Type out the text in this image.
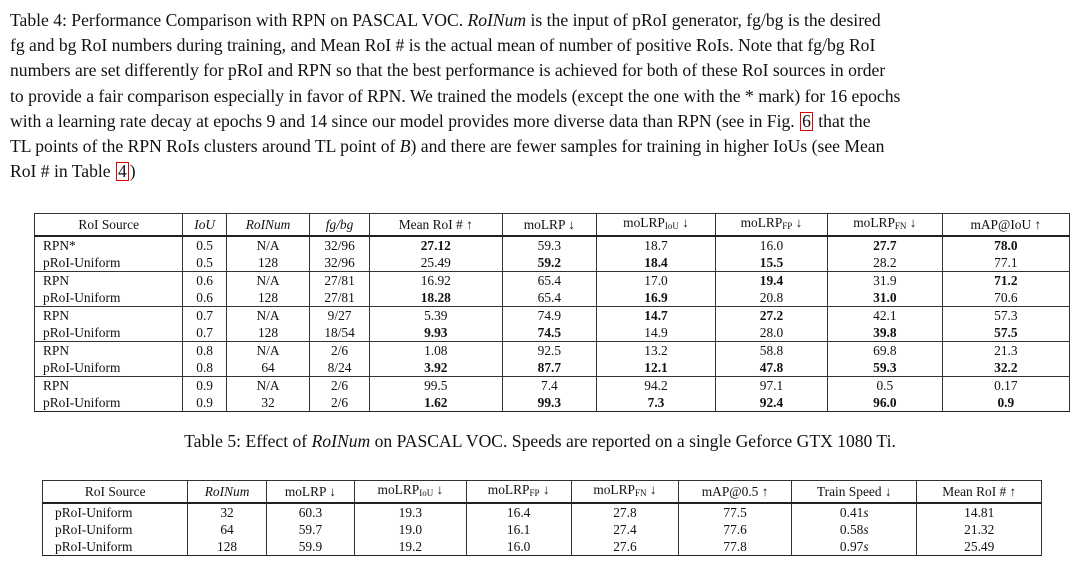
Table 4: Performance Comparison with RPN on PASCAL VOC. RoINum is the input of pRoI generator, fg/bg is the desired
fg and bg RoI numbers during training, and Mean RoI # is the actual mean of number of positive RoIs. Note that fg/bg RoI
numbers are set differently for pRoI and RPN so that the best performance is achieved for both of these RoI sources in order
to provide a fair comparison especially in favor of RPN. We trained the models (except the one with the * mark) for 16 epochs
with a learning rate decay at epochs 9 and 14 since our model provides more diverse data than RPN (see in Fig. 6 that the
TL points of the RPN RoIs clusters around TL point of B) and there are fewer samples for training in higher IoUs (see Mean
RoI # in Table 4 )
RoI Source	IoU	RoINum	fg/bg	Mean RoI # ↑	moLRP ↓	moLRP$_{IoU}$ ↓	moLRP$_{FP}$ ↓	moLRP$_{FN}$ ↓	mAP@IoU ↑
RPN*	0.5	N/A	32/96	27.12	59.3	18.7	16.0	27.7	78.0
pRoI-Uniform	0.5	128	32/96	25.49	59.2	18.4	15.5	28.2	77.1
RPN	0.6	N/A	27/81	16.92	65.4	17.0	19.4	31.9	71.2
pRoI-Uniform	0.6	128	27/81	18.28	65.4	16.9	20.8	31.0	70.6
RPN	0.7	N/A	9/27	5.39	74.9	14.7	27.2	42.1	57.3
pRoI-Uniform	0.7	128	18/54	9.93	74.5	14.9	28.0	39.8	57.5
RPN	0.8	N/A	2/6	1.08	92.5	13.2	58.8	69.8	21.3
pRoI-Uniform	0.8	64	8/24	3.92	87.7	12.1	47.8	59.3	32.2
RPN	0.9	N/A	2/6	99.5	7.4	94.2	97.1	0.5	0.17
pRoI-Uniform	0.9	32	2/6	1.62	99.3	7.3	92.4	96.0	0.9
Table 5: Effect of RoINum on PASCAL VOC. Speeds are reported on a single Geforce GTX 1080 Ti.
RoI Source	RoINum	moLRP ↓	moLRP$_{IoU}$ ↓	moLRP$_{FP}$ ↓	moLRP$_{FN}$ ↓	mAP@0.5 ↑	Train Speed ↓	Mean RoI # ↑
pRoI-Uniform	32	60.3	19.3	16.4	27.8	77.5	0.41s	14.81
pRoI-Uniform	64	59.7	19.0	16.1	27.4	77.6	0.58s	21.32
pRoI-Uniform	128	59.9	19.2	16.0	27.6	77.8	0.97s	25.49
